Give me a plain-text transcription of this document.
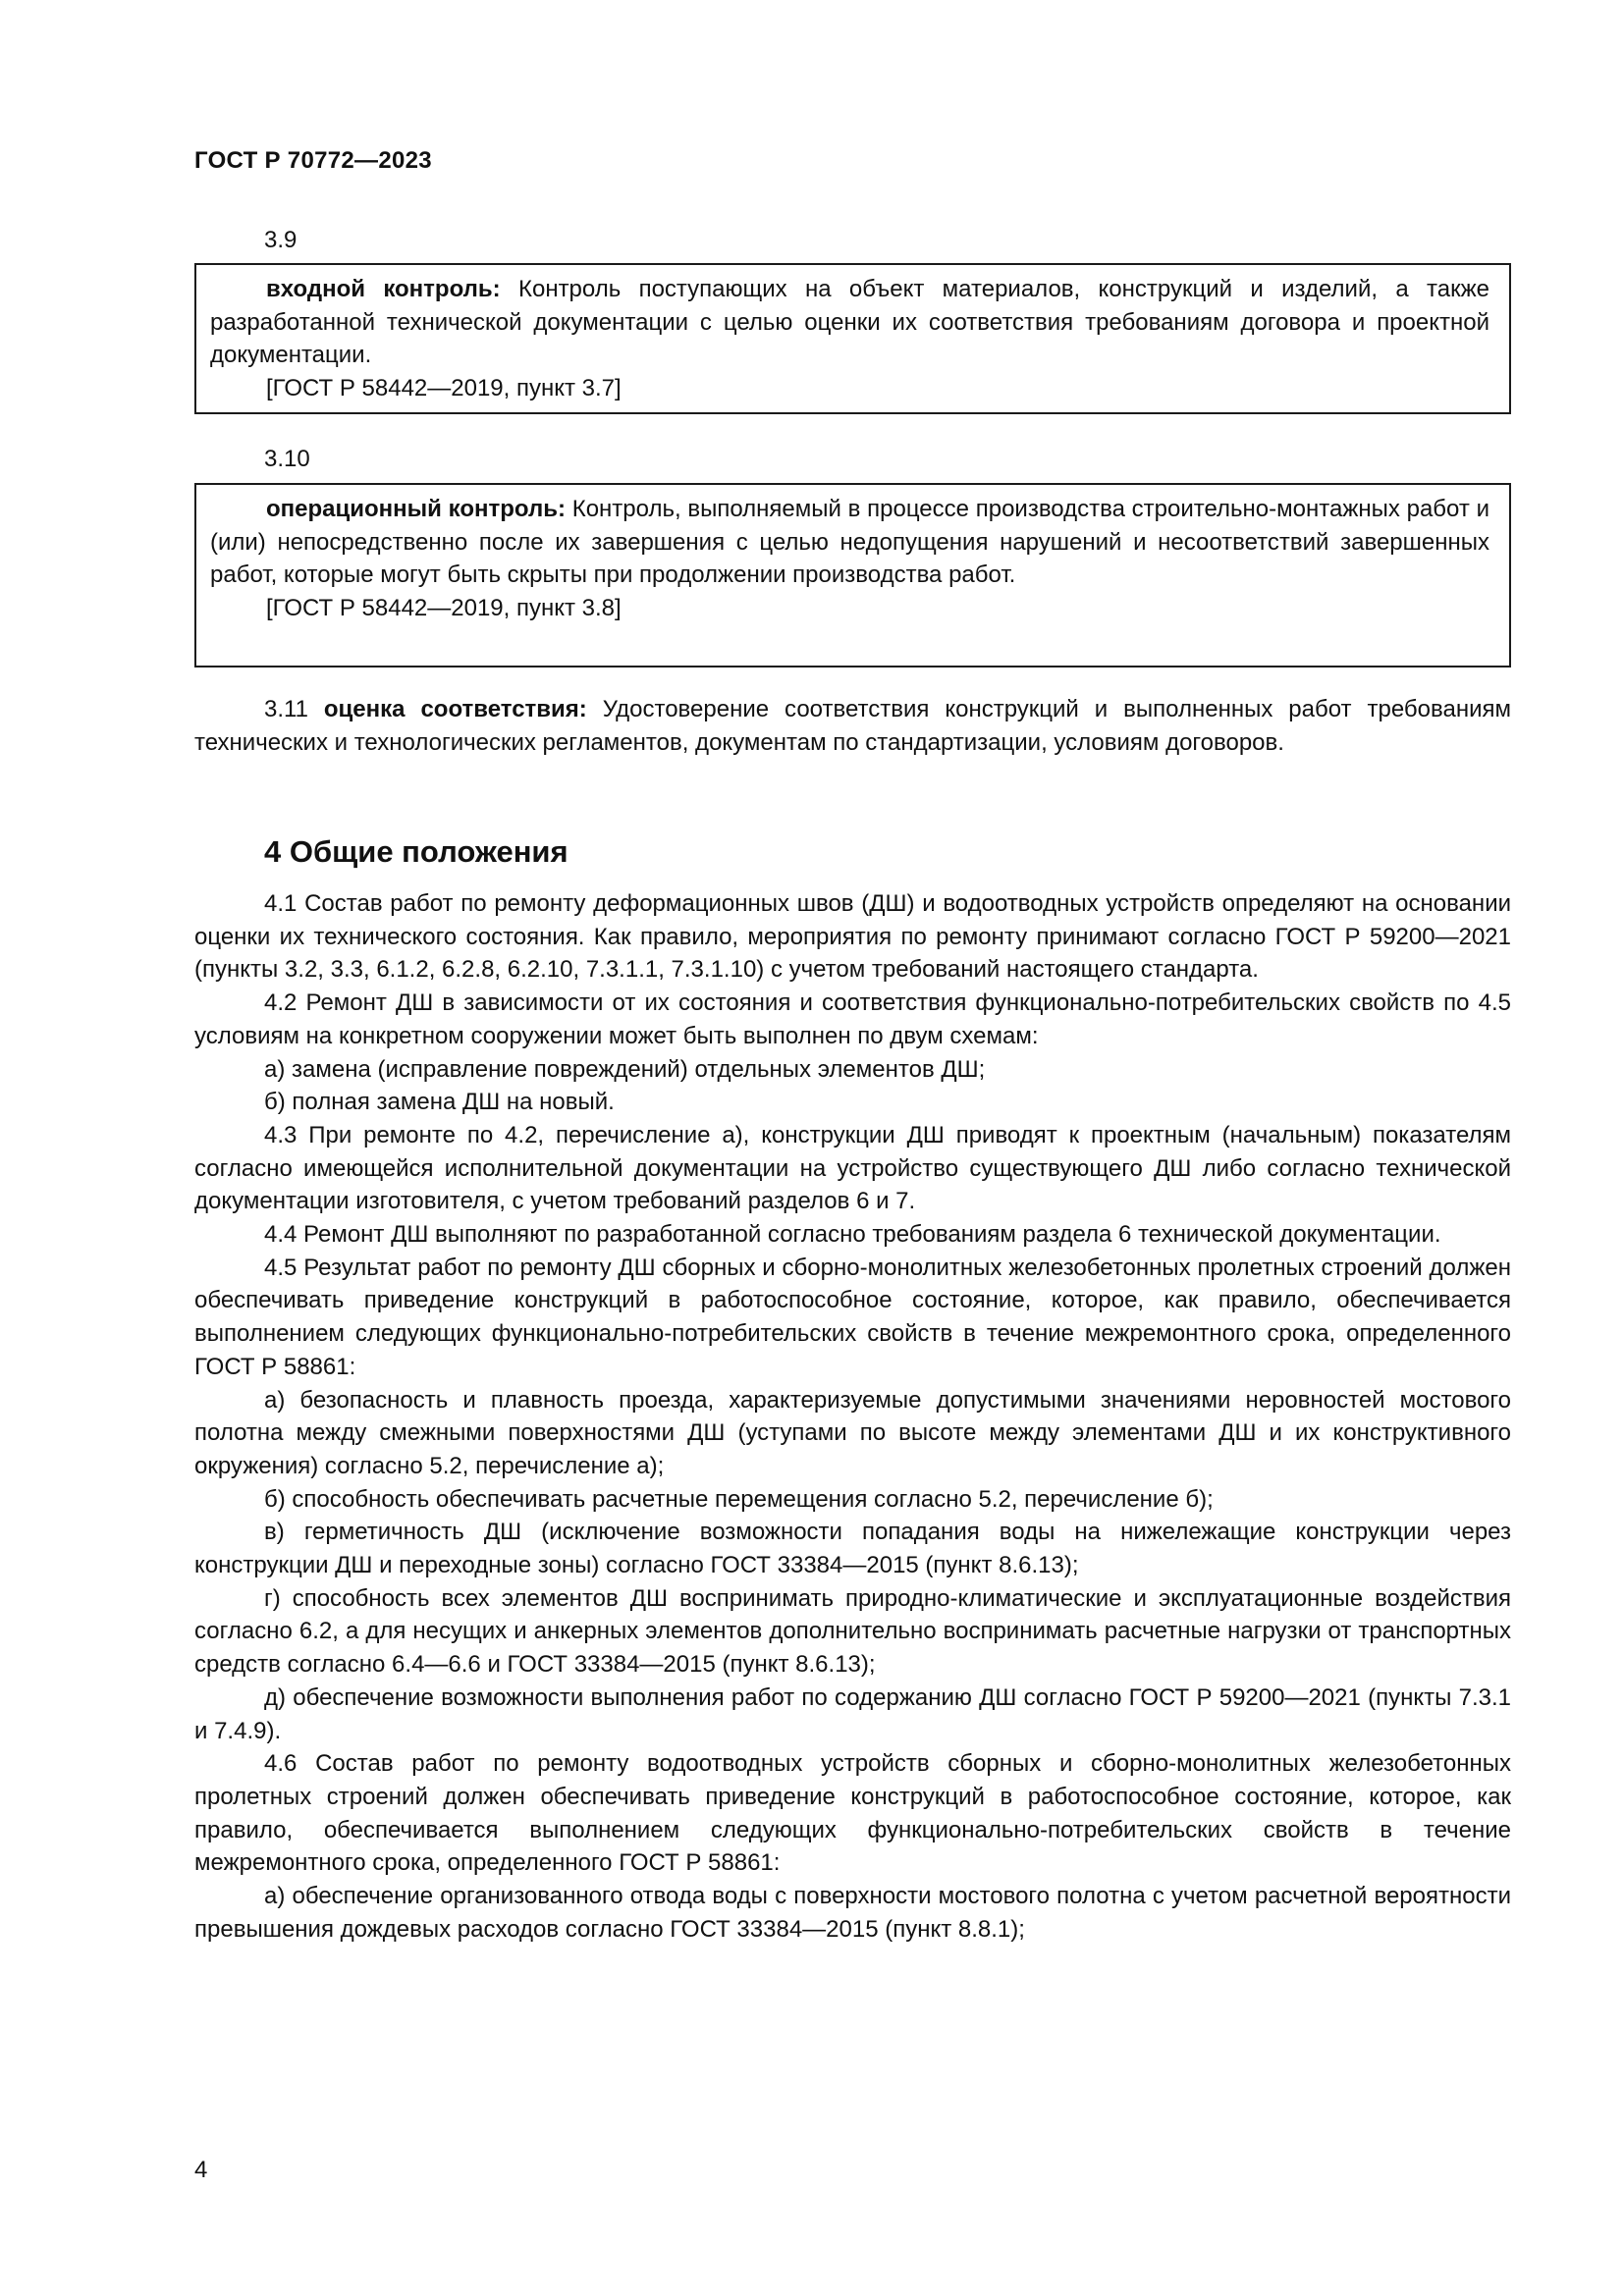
ГОСТ Р 70772—2023
3.9

входной контроль: Контроль поступающих на объект материалов, конструкций и изделий, а также разработанной технической документации с целью оценки их соответствия требованиям договора и проектной документации.

[ГОСТ Р 58442—2019, пункт 3.7]

3.10

операционный контроль: Контроль, выполняемый в процессе производства строительно-монтажных работ и (или) непосредственно после их завершения с целью недопущения нарушений и несоответствий завершенных работ, которые могут быть скрыты при продолжении производства работ.

[ГОСТ Р 58442—2019, пункт 3.8]

3.11 оценка соответствия: Удостоверение соответствия конструкций и выполненных работ требованиям технических и технологических регламентов, документам по стандартизации, условиям договоров.

4 Общие положения

4.1 Состав работ по ремонту деформационных швов (ДШ) и водоотводных устройств определяют на основании оценки их технического состояния. Как правило, мероприятия по ремонту принимают согласно ГОСТ Р 59200—2021 (пункты 3.2, 3.3, 6.1.2, 6.2.8, 6.2.10, 7.3.1.1, 7.3.1.10) с учетом требований настоящего стандарта.

4.2 Ремонт ДШ в зависимости от их состояния и соответствия функционально-потребительских свойств по 4.5 условиям на конкретном сооружении может быть выполнен по двум схемам:

а) замена (исправление повреждений) отдельных элементов ДШ;

б) полная замена ДШ на новый.

4.3 При ремонте по 4.2, перечисление а), конструкции ДШ приводят к проектным (начальным) показателям согласно имеющейся исполнительной документации на устройство существующего ДШ либо согласно технической документации изготовителя, с учетом требований разделов 6 и 7.

4.4 Ремонт ДШ выполняют по разработанной согласно требованиям раздела 6 технической документации.

4.5 Результат работ по ремонту ДШ сборных и сборно-монолитных железобетонных пролетных строений должен обеспечивать приведение конструкций в работоспособное состояние, которое, как правило, обеспечивается выполнением следующих функционально-потребительских свойств в течение межремонтного срока, определенного ГОСТ Р 58861:

а) безопасность и плавность проезда, характеризуемые допустимыми значениями неровностей мостового полотна между смежными поверхностями ДШ (уступами по высоте между элементами ДШ и их конструктивного окружения) согласно 5.2, перечисление а);

б) способность обеспечивать расчетные перемещения согласно 5.2, перечисление б);

в) герметичность ДШ (исключение возможности попадания воды на нижележащие конструкции через конструкции ДШ и переходные зоны) согласно ГОСТ 33384—2015 (пункт 8.6.13);

г) способность всех элементов ДШ воспринимать природно-климатические и эксплуатационные воздействия согласно 6.2, а для несущих и анкерных элементов дополнительно воспринимать расчетные нагрузки от транспортных средств согласно 6.4—6.6 и ГОСТ 33384—2015 (пункт 8.6.13);

д) обеспечение возможности выполнения работ по содержанию ДШ согласно ГОСТ Р 59200—2021 (пункты 7.3.1 и 7.4.9).

4.6 Состав работ по ремонту водоотводных устройств сборных и сборно-монолитных железобетонных пролетных строений должен обеспечивать приведение конструкций в работоспособное состояние, которое, как правило, обеспечивается выполнением следующих функционально-потребительских свойств в течение межремонтного срока, определенного ГОСТ Р 58861:

а) обеспечение организованного отвода воды с поверхности мостового полотна с учетом расчетной вероятности превышения дождевых расходов согласно ГОСТ 33384—2015 (пункт 8.8.1);

4
